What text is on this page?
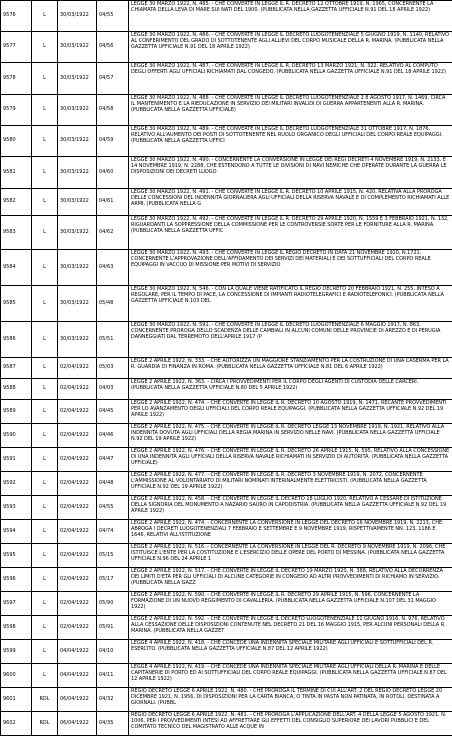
9576	L	30/03/1922	04/55	LEGGE 30 MARZO 1922, N. 485. - CHE CONVERTE IN LEGGE IL R. DECRETO 12 OTTOBRE 1919, N. 1965, CONCERNENTE LA CHIAMATA DELLA LEVA DI MARE SUI NATI DEL 1900. (PUBBLICATA NELLA GAZZETTA UFFICIALE N.91 DEL 18 APRILE 1922)
9577	L	30/03/1922	04/56	LEGGE 30 MARZO 1922, N. 486. - CHE CONVERTE IN LEGGE IL DECRETO LUOGOTENENZIALE 5 GIUGNO 1919, N. 1140, RELATIVO AL CONFERIMENTO DEL GRADO DI SOTTOTENENTE AGLI ALLIEVI DEL CORPO MUSICALE DELLA R. MARINA. (PUBBLICATA NELLA GAZZETTA UFFICIALE N.91 DEL 18 APRILE 1922)
9578	L	30/03/1922	04/57	LEGGE 30 MARZO 1922, N. 487. - CHE CONVERTE IN LEGGE IL R. DECRETO 13 MARZO 1921, N. 322, RELATIVO AL COMPUTO DEGLI OFFERTI AGLI UFFICIALI RICHIAMATI DAL CONGEDO. (PUBBLICATA NELLA GAZZETTA UFFICIALE N.91 DEL 18 APRILE 1922)
9579	L	30/03/1922	04/58	LEGGE 30 MARZO 1922, N. 488. - CHE CONVERTE IN LEGGE IL DECRETO LUOGOTENENZIALE 2 8 AGOSTO 1917, N. 1469, CIRCA IL MANTENIMENTO E LA RIEDUCAZIONE IN SERVIZIO DEI MILITARI INVALIDI DI GUERRA APPARTENENTI ALLA R. MARINA. (PUBBLICATA NELLA GAZZETTA UFFICIALE)
9580	L	30/03/1922	04/59	LEGGE 30 MARZO 1922, N. 489. - CHE CONVERTE IN LEGGE IL DECRETO LUOGOTENENZIALE 31 OTTOBRE 1917, N. 1876, RELATIVO ALL'AUMENTO DEI POSTI DI SOTTOTENENTE NEL RUOLO ORGANICO DEGLI UFFICIALI DEL CORPO REALE EQUIPAGGI. (PUBBLICATA NELLA GAZZETTA UFFICI
9581	L	30/03/1922	04/60	LEGGE 30 MARZO 1922, N. 490. - CONCERNENTE LA CONVERSIONE IN LEGGE DEI REGI DECRETI 4 NOVEMBRE 1919, N. 2133, E 14 NOVEMBRE 1919, N. 2288, CHE ESTENDONO A TUTTE LE DIVISIONI DI NAVI NEMICHE CHE OPERATE DURANTE LA GUERRA LE DISPOSIZIONI DEI DECRETI LUOGO
9582	L	30/03/1922	04/61	LEGGE 30 MARZO 1922, N. 491. - CHE CONVERTE IN LEGGE IL R. DECRETO 10 APRILE 1915, N. 420, RELATIVA ALLA PROROGA DELLE CONCESSIONI DEL INDENNITÀ GIORNALIERA AGLI UFFICIALI DELLA RISERVA NAVALE E DI COMPLEMENTO RICHIAMATI ALLE ARMI. (PUBBLICATA NELLA G
9583	L	30/03/1922	04/62	LEGGE 30 MARZO 1922, N. 492. - CHE CONVERTE IN LEGGE IL R. DECRETO 29 APRILE 1920, N. 1559 E 3 FEBBRAIO 1921, N. 132, RIGUARDANTI LA SOPPRESSIONE DELLA COMMISSIONE PER LE CONTROVERSIE SORTE PER LE FORNITURE ALLA R. MARINA. (PUBBLICATA NELLA GAZZETTA UFFIC
9584	L	30/03/1922	04/63	LEGGE 30 MARZO 1922, N. 493. - CHE CONVERTE IN LEGGE IL REGIO DECRETO IN DATA 21 NOVEMBRE 1920, N.1721, CONCERNENTE L'APPROVAZIONE DELL'AFFIDAMENTO DEI SERVIZI DEI MATERIALI E DEI SOTTUFFICIALI DEL CORPO REALE EQUIPAGGI IN VACCUO DI MISSIONE PER MOTIVI DI SERVIZIO
9585	L	30/03/1922	05/48	LEGGE 30 MARZO 1922, N. 546. - CON LA QUALE VIENE RATIFICATO IL REGIO DECRETO 20 FEBBRAIO 1921, N. 255, INTESO A REGOLARE, PER IL TEMPO DI PACE, LA CONCESSIONE DI IMPIANTI RADIOTELEGRAFICI E RADIOTELEFONICI. (PUBBLICATA NELLA GAZZETTA UFFICIALE N.103 DEL
9586	L	30/03/1922	05/51	LEGGE 30 MARZO 1922, N. 591. - CHE CONVERTE IN LEGGE IL DECRETO LUOGOTENENZIALE 6 MAGGIO 1917, N. 863, CONCERNENTE PROROGA DELLO SCADENZA DELLE CAMBIALI IN ALCUNI COMUNI DELLE PROVINCIE DI AREZZO E DI PERUGIA DANNEGGIATI DAL TERREMOTO DELL'APRILE 1917 (P
9587	L	02/04/1922	05/03	LEGGE 2 APRILE 1922, N. 333. - CHE AUTORIZZA UN MAGGIORE STANZIAMENTO PER LA COSTRUZIONE DI UNA CASERMA PER LA R. GUARDIA DI FINANZA IN ROMA. (PUBBLICATA NELLA GAZZETTA UFFICIALE N.81 DEL 6 APRILE 1922)
9588	L	02/04/1922	04/03	LEGGE 2 APRILE 1922, N. 363. - CIRCA I PROVVEDIMENTI PER IL CORPO DEGLI AGENTI DI CUSTODIA DELLE CARCERI. (PUBBLICATA NELLA GAZZETTA UFFICIALE N.80 DEL 5 APRILE 1922)
9589	L	02/04/1922	04/45	LEGGE 2 APRILE 1922, N. 474. - CHE CONVERTE IN LEGGE IL R. DECRETO 10 AGOSTO 1919, N. 1471, RECANTE PROVVEDIMENTI PER LO AVANZAMENTO DEGLI UFFICIALI DEL CORPO REALE EQUIPAGGI. (PUBBLICATA NELLA GAZZETTA UFFICIALE N.92 DEL 19 APRILE 1922)
9590	L	02/04/1922	04/46	LEGGE 2 APRILE 1922, N. 475. - CHE CONVERTE IN LEGGE IL R. DECRETO LEGGE 13 NOVEMBRE 1919, N. 1921, RELATIVO ALLA INDENNITÀ DOVUTA AGLI UFFICIALI DELLA REGIA MARINA IN SERVIZIO NELLE NAVI. (PUBBLICATA NELLA GAZZETTA UFFICIALE N.92 DEL 19 APRILE 1922)
9591	L	02/04/1922	04/47	LEGGE 2 APRILE 1922, N. 476. - CHE CONVERTE IN LEGGE IL R. DECRETO 26 APRILE 1915, N. 595, RELATIVO ALLA CONCESSIONE DI UNA INDENNITÀ AGLI UFFICIALI DELLA RISERVA NAVALE RICHIAMATI IN SERVIZIO DI AUTORITÀ. (PUBBLICATA NELLA GAZZETTA UFFICIALE)
9592	L	02/04/1922	04/48	LEGGE 2 APRILE 1922, N. 477. - CHE CONVERTE IN LEGGE IL R. DECRETO 3 NOVEMBRE 1919, N. 2072, CONCERNENTE L'AMMISSIONE AL VOLONTARIATO DI MILITARI NOMINATI INTERINALMENTE ELETTRICISTI. (PUBBLICATA NELLA GAZZETTA UFFICIALE N.92 DEL 19 APRILE 1922)
9593	L	02/04/1922	04/55	LEGGE 2 APRILE 1922, N. 458. - CHE CONVERTE IN LEGGE IL DECRETO 18 LUGLIO 1920, RELATIVO A CESSARE DI ISTITUZIONE DELLA SIGNORIA DEL MONUMENTO A NAZARIO SAURO IN CAPODISTRIA. (PUBBLICATA NELLA GAZZETTA UFFICIALE N.92 DEL 19 APRILE 1922)
9594	L	02/04/1922	04/74	LEGGE 2 APRILE 1922, N. 474. - CONCERNENTE LA CONVERSIONE IN LEGGE DEL DECRETO 16 NOVEMBRE 1919, N. 2213, CHE ABROGA I DECRETI LUOGOTENENZIALI 7 FEBBRAIO E SETTEMBRE E 9 NOVEMBRE 1919, RISPETTIVAMENTE NN. 123, 1186 E 1646, RELATIVI ALL'ISTITUZIONE
9595	L	02/04/1922	05/15	LEGGE 2 APRILE 1922, N. 516. - CONCERNENTE LA CONVERSIONE IN LEGGE DEL R. DECRETO 9 NOVEMBRE 1919, N. 2096, CHE ISTITUISCE L'ENTE PER LA COSTITUZIONE E L'ESERCIZIO DELLE OPERE DEL PORTO DI MESSINA. (PUBBLICATA NELLA GAZZETTA UFFICIALE N.96 DEL 24 APRILE 1
9596	L	02/04/1922	05/17	LEGGE 2 APRILE 1922, N. 517. - CHE CONVERTE IN LEGGE IL DECRETO 19 MARZO 1920, N. 388, RELATIVO ALLA DECORRENZA DEI LIMITI D'ETÀ PER GLI UFFICIALI DI ALCUNE CATEGORIE IN CONGEDO AD ALTRI PROVVEDIMENTI DI RICHIAMO IN SERVIZIO. (PUBBLICATA NELLA GAZZ
9597	L	02/04/1922	05/90	LEGGE 2 APRILE 1922, N. 590. - CHE CONVERTE IN LEGGE IL R. DECRETO 29 APRILE 1915, N. 596, CONCERNENTE LA FORMAZIONE DI UN NUOVO REGGIMENTO DI CAVALLERIA. (PUBBLICATA NELLA GAZZETTA UFFICIALE N.107 DEL 31 MAGGIO 1922)
9598	L	02/04/1922	05/91	LEGGE 2 APRILE 1922, N. 592. - CHE CONVERTE IN LEGGE IL DECRETO LUOGOTENENZIALE 11 GIUGNO 1916, N. 976, RELATIVO ALLA CESSAZIONE DELLE DISPOSIZIONI CONTENUTE NEL DECRETO 21 DEL 16 MAGGIO 1915, PER ALCUNI PERSONALI DELLA R. MARINA. (PUBBLICATA NELLA GAZZET
9599	L	04/04/1922	04/10	LEGGE 4 APRILE 1922, N. 418. - CHE CONCEDE UNA INDENNITÀ SPECIALE MILITARE AGLI UFFICIALI E SOTTUFFICIALI DEL R. ESERCITO. (PUBBLICATA NELLA GAZZETTA UFFICIALE N.87 DEL 12 APRILE 1922)
9600	L	04/04/1922	04/11	LEGGE 4 APRILE 1922, N. 419. - CHE CONCEDE UNA INDENNITÀ SPECIALE MILITARE AGLI UFFICIALI DELLA R. MARINA E DELLE CAPITANERIE DI PORTO ED AI SOTTUFFICIALI DEL CORPO REALE EQUIPAGGI. (PUBBLICATA NELLA GAZZETTA UFFICIALE N.87 DEL 12 APRILE 1922)
9601	RDL	06/04/1922	04/32	REGIO DECRETO LEGGE 6 APRILE 1922, N. 480. - CHE PROROGA IL TERMINE DI CUI ALL'ART. 2 DEL REGIO DECRETO LEGGE 20 DICEMBRE 1921, N. 1956, DI DISPOSIZIONI PER LA CARTA BIANCA, O TINTA IN PASTA NON PATINATA, IN ROTOLI, DESTINATA A GIORNALI. (PUBBL
9602	RDL	06/04/1922	04/35	REGIO DECRETO LEGGE 6 APRILE 1922, N. 481. - CHE PROROGA L'APPLICAZIONE DELL'ART. 4 DELLA LEGGE 5 AGOSTO 1921, N. 1006, PER I PROVVEDIMENTI INTESI AD AFFRETTARE GLI EFFETTI DEL CONSIGLIO SUPERIORE DEI LAVORI PUBBLICI E DEL COMITATO TECNICO DEL MAGISTRATO ALLE ACQUE IN
